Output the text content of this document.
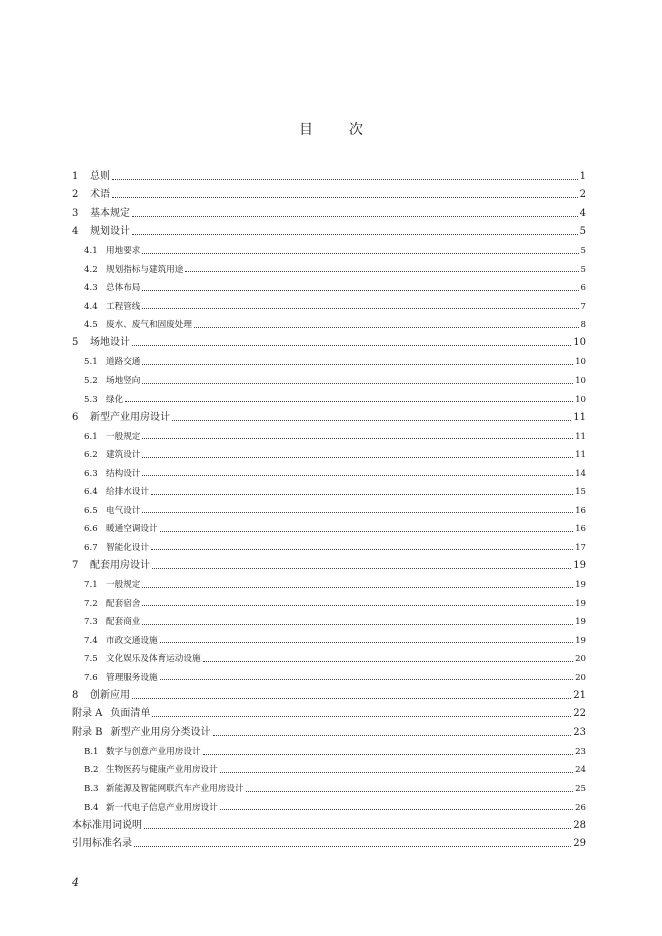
目	次
1	总则	1
2	术语	2
3	基本规定	4
4	规划设计	5
4.1 用地要求	5
4.2 规划指标与建筑用途	5
4.3 总体布局	6
4.4 工程管线	7
4.5 废水、废气和固废处理	8
5	场地设计	10
5.1 道路交通	10
5.2 场地竖向	10
5.3 绿化	10
6	新型产业用房设计	11
6.1 一般规定	11
6.2 建筑设计	11
6.3 结构设计	14
6.4 给排水设计	15
6.5 电气设计	16
6.6 暖通空调设计	16
6.7 智能化设计	17
7	配套用房设计	19
7.1 一般规定	19
7.2 配套宿舍	19
7.3 配套商业	19
7.4 市政交通设施	19
7.5 文化娱乐及体育运动设施	20
7.6 管理服务设施	20
8	创新应用	21
附录 A 负面清单	22
附录 B 新型产业用房分类设计	23
B.1 数字与创意产业用房设计	23
B.2 生物医药与健康产业用房设计	24
B.3 新能源及智能网联汽车产业用房设计	25
B.4 新一代电子信息产业用房设计	26
本标准用词说明	28
引用标准名录	29
4
